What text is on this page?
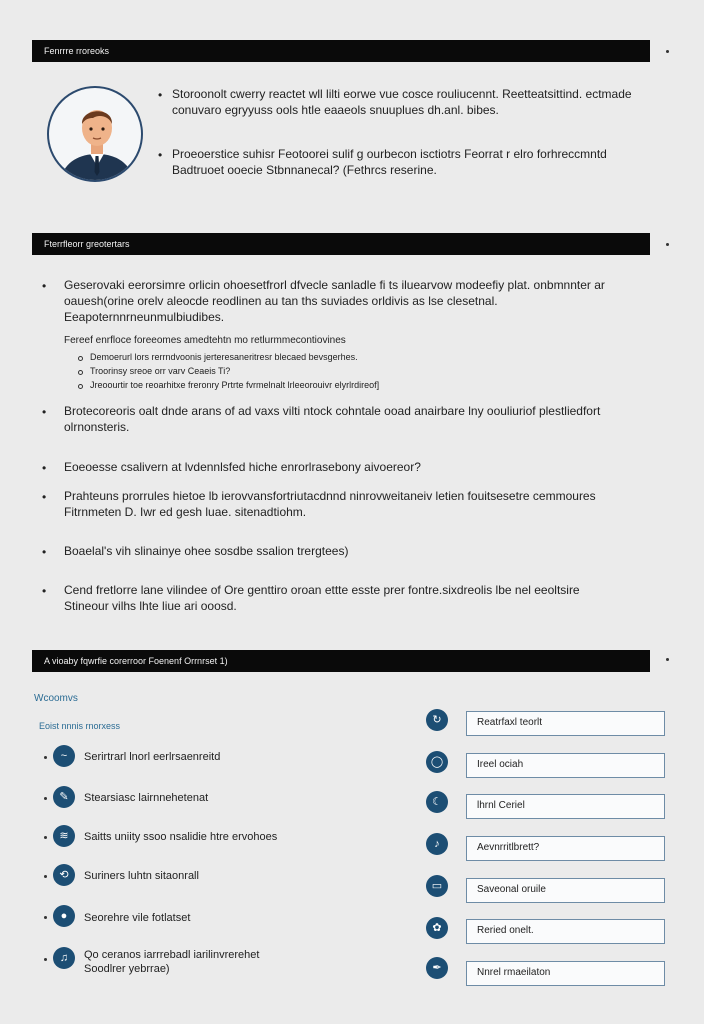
Fenrrre rroreoks
• Storoonolt cwerry reactet wll lilti eorwe vue cosce rouliucennt. Reetteatsittind. ectmade conuvaro egryyuss ools htle eaaeols snuuplues dh.anl. bibes.
• Proeoerstice suhisr Feotoorei sulif g ourbecon isctiotrs Feorrat r elro forhreccmntd Badtruoet ooecie Stbnnanecal? (Fethrcs reserine.
Fterrfleorr greotertars
• Geserovaki eerorsimre orlicin ohoesetfrorl dfvecle sanladle fi ts iluearvow modeefiy plat. onbmnnter ar oauesh(orine orelv aleocde reodlinen au tan ths suviades orldivis as lse clesetnal. Eeapoternnrneunmulbiudibes.
Fereef enrfloce foreeomes amedtehtn mo retlurmmecontiovines
Demoerurl lors rerrndvoonis jerteresaneritresr blecaed bevsgerhes.
Troorinsy sreoe orr varv Ceaeis Ti?
Jreoourtir toe reoarhitxe freronry Prtrte fvrmelnalt lrleeorouivr elyrlrdireof]
• Brotecoreoris oalt dnde arans of ad vaxs vilti ntock cohntale ooad anairbare lny oouliuriof plestliedfort olrnonsteris.
• Eoeoesse csalivern at lvdennlsfed hiche enrorlrasebony aivoereor?
• Prahteuns prorrules hietoe lb ierovvansfortriutacdnnd ninrovweitaneiv letien fouitsesetre cemmoures Fitrnmeten D. Iwr ed gesh luae. sitenadtiohm.
• Boaelal's vih slinainye ohee sosdbe ssalion trergtees)
• Cend fretlorre lane vilindee of Ore genttiro oroan ettte esste prer fontre.sixdreolis lbe nel eeoltsire Stineour vilhs lhte liue ari ooosd.
A vioaby fqwrfie corerroor Foenenf Orrnrset 1)
Wcoomvs
Eoist nnnis rnorxess
~	Serirtrarl lnorl eerlrsaenreitd
✎	Stearsiasc lairnnehetenat
≋	Saitts uniity ssoo nsalidie htre ervohoes
⟲	Suriners luhtn sitaonrall
●	Seorehre vile fotlatset
♫	Qo ceranos iarrrebadl iarilinvrerehet Soodlrer yebrrae)
↻	Reatrfaxl teorlt
◯	Ireel ociah
☾	lhrnl Ceriel
♪	Aevnrritlbrett?
▭	Saveonal oruile
✿	Reried onelt.
✒	Nnrel rmaeilaton
